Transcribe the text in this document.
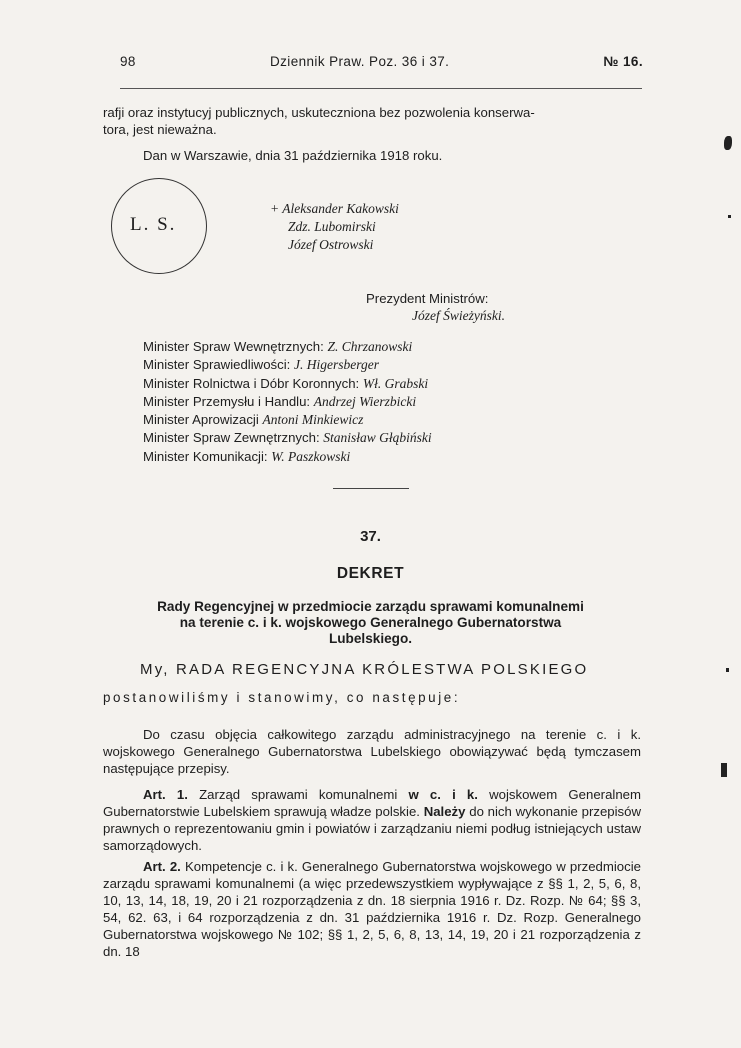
98	Dziennik Praw. Poz. 36 i 37.	№ 16.
rafji oraz instytucyj publicznych, uskuteczniona bez pozwolenia konserwa-
tora, jest nieważna.
Dan w Warszawie, dnia 31 października 1918 roku.
L. S.
+ Aleksander Kakowski
Zdz. Lubomirski
Józef Ostrowski
Prezydent Ministrów:
Józef Świeżyński.
Minister Spraw Wewnętrznych: Z. Chrzanowski
Minister Sprawiedliwości: J. Higersberger
Minister Rolnictwa i Dóbr Koronnych: Wł. Grabski
Minister Przemysłu i Handlu: Andrzej Wierzbicki
Minister Aprowizacji Antoni Minkiewicz
Minister Spraw Zewnętrznych: Stanisław Głąbiński
Minister Komunikacji: W. Paszkowski
37.
DEKRET
Rady Regencyjnej w przedmiocie zarządu sprawami komunalnemi
na terenie c. i k. wojskowego Generalnego Gubernatorstwa
Lubelskiego.
My, RADA REGENCYJNA KRÓLESTWA POLSKIEGO
postanowiliśmy i stanowimy, co następuje:
Do czasu objęcia całkowitego zarządu administracyjnego na terenie c. i k. wojskowego Generalnego Gubernatorstwa Lubelskiego obowiązywać będą tymczasem następujące przepisy.
Art. 1. Zarząd sprawami komunalnemi w c. i k. wojskowem Generalnem Gubernatorstwie Lubelskiem sprawują władze polskie. Należy do nich wykonanie przepisów prawnych o reprezentowaniu gmin i powiatów i zarządzaniu niemi podług istniejących ustaw samorządowych.
Art. 2. Kompetencje c. i k. Generalnego Gubernatorstwa wojskowego w przedmiocie zarządu sprawami komunalnemi (a więc przedewszystkiem wypływające z §§ 1, 2, 5, 6, 8, 10, 13, 14, 18, 19, 20 i 21 rozporządzenia z dn. 18 sierpnia 1916 r. Dz. Rozp. № 64; §§ 3, 54, 62. 63, i 64 rozporządzenia z dn. 31 października 1916 r. Dz. Rozp. Generalnego Gubernatorstwa wojskowego № 102; §§ 1, 2, 5, 6, 8, 13, 14, 19, 20 i 21 rozporządzenia z dn. 18
